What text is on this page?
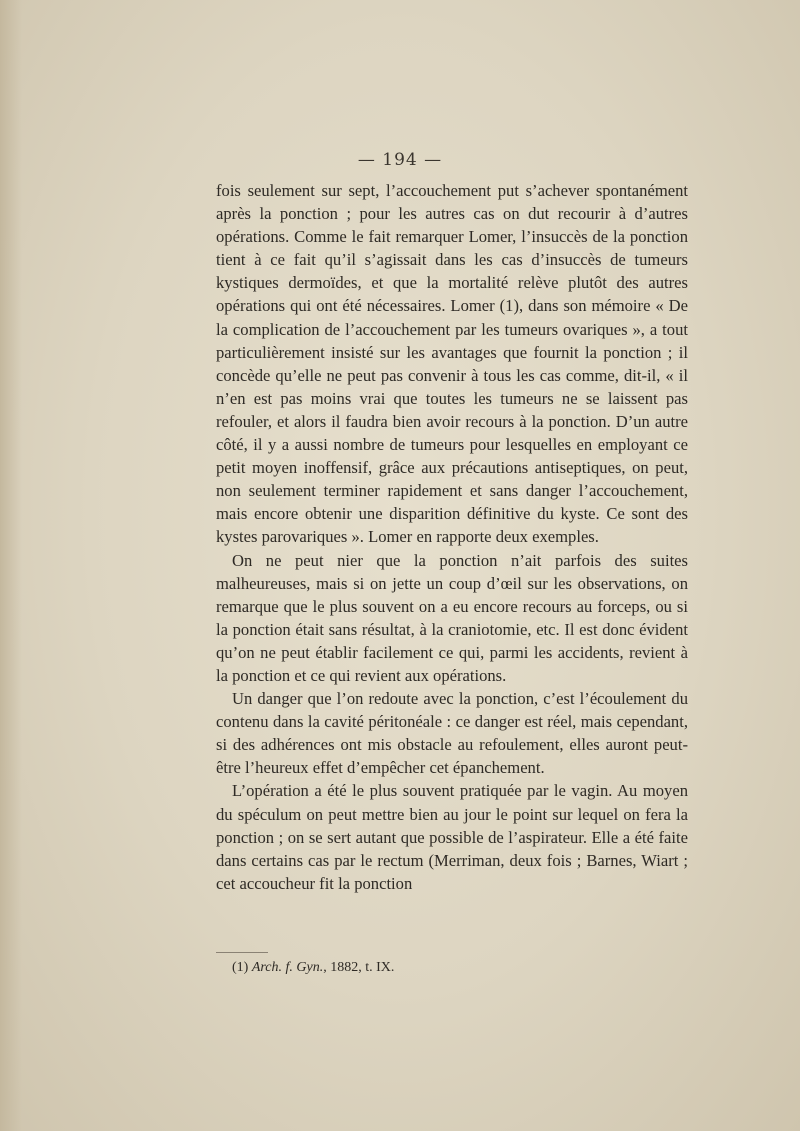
— 194 —

fois seulement sur sept, l’accouchement put s’achever spontanément après la ponction ; pour les autres cas on dut recourir à d’autres opérations. Comme le fait remarquer Lomer, l’insuccès de la ponction tient à ce fait qu’il s’agissait dans les cas d’insuccès de tumeurs kystiques dermoïdes, et que la mortalité relève plutôt des autres opérations qui ont été nécessaires. Lomer (1), dans son mémoire « De la complication de l’accouchement par les tumeurs ovariques », a tout particulièrement insisté sur les avantages que fournit la ponction ; il concède qu’elle ne peut pas convenir à tous les cas comme, dit-il, « il n’en est pas moins vrai que toutes les tumeurs ne se laissent pas refouler, et alors il faudra bien avoir recours à la ponction. D’un autre côté, il y a aussi nombre de tumeurs pour lesquelles en employant ce petit moyen inoffensif, grâce aux précautions antiseptiques, on peut, non seulement terminer rapidement et sans danger l’accouchement, mais encore obtenir une disparition définitive du kyste. Ce sont des kystes parovariques ». Lomer en rapporte deux exemples.

On ne peut nier que la ponction n’ait parfois des suites malheureuses, mais si on jette un coup d’œil sur les observations, on remarque que le plus souvent on a eu encore recours au forceps, ou si la ponction était sans résultat, à la craniotomie, etc. Il est donc évident qu’on ne peut établir facilement ce qui, parmi les accidents, revient à la ponction et ce qui revient aux opérations.

Un danger que l’on redoute avec la ponction, c’est l’écoulement du contenu dans la cavité péritonéale : ce danger est réel, mais cependant, si des adhérences ont mis obstacle au refoulement, elles auront peut-être l’heureux effet d’empêcher cet épanchement.

L’opération a été le plus souvent pratiquée par le vagin. Au moyen du spéculum on peut mettre bien au jour le point sur lequel on fera la ponction ; on se sert autant que possible de l’aspirateur. Elle a été faite dans certains cas par le rectum (Merriman, deux fois ; Barnes, Wiart ; cet accoucheur fit la ponction

(1) Arch. f. Gyn., 1882, t. IX.
